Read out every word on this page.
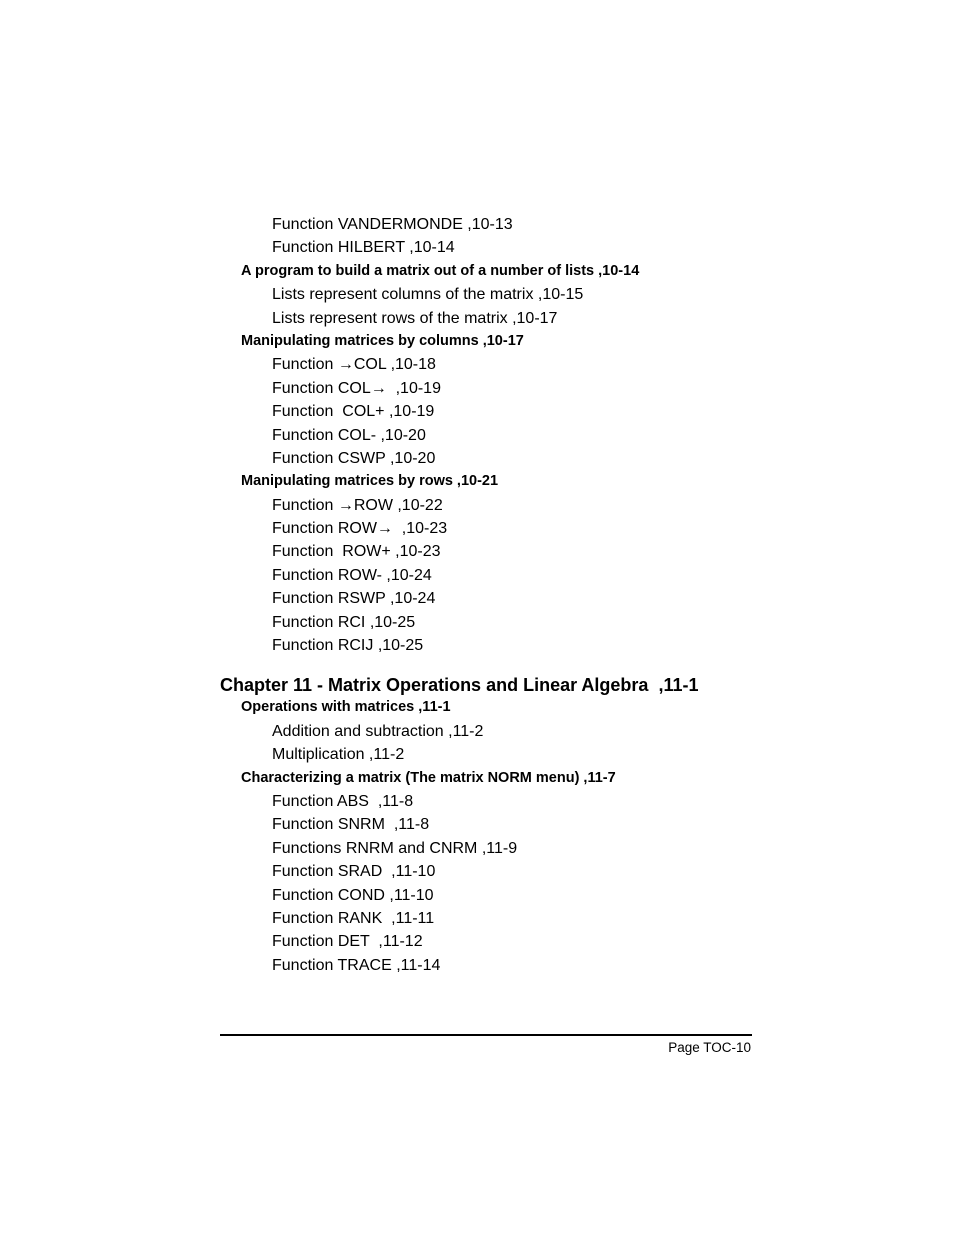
Function VANDERMONDE ,10-13
Function HILBERT ,10-14
A program to build a matrix out of a number of lists ,10-14
Lists represent columns of the matrix ,10-15
Lists represent rows of the matrix ,10-17
Manipulating matrices by columns ,10-17
Function →COL ,10-18
Function COL→  ,10-19
Function  COL+ ,10-19
Function COL- ,10-20
Function CSWP ,10-20
Manipulating matrices by rows ,10-21
Function →ROW ,10-22
Function ROW→  ,10-23
Function  ROW+ ,10-23
Function ROW- ,10-24
Function RSWP ,10-24
Function RCI ,10-25
Function RCIJ ,10-25
Chapter 11 - Matrix Operations and Linear Algebra  ,11-1
Operations with matrices ,11-1
Addition and subtraction ,11-2
Multiplication ,11-2
Characterizing a matrix (The matrix NORM menu) ,11-7
Function ABS  ,11-8
Function SNRM  ,11-8
Functions RNRM and CNRM ,11-9
Function SRAD  ,11-10
Function COND ,11-10
Function RANK  ,11-11
Function DET  ,11-12
Function TRACE ,11-14
Page TOC-10
